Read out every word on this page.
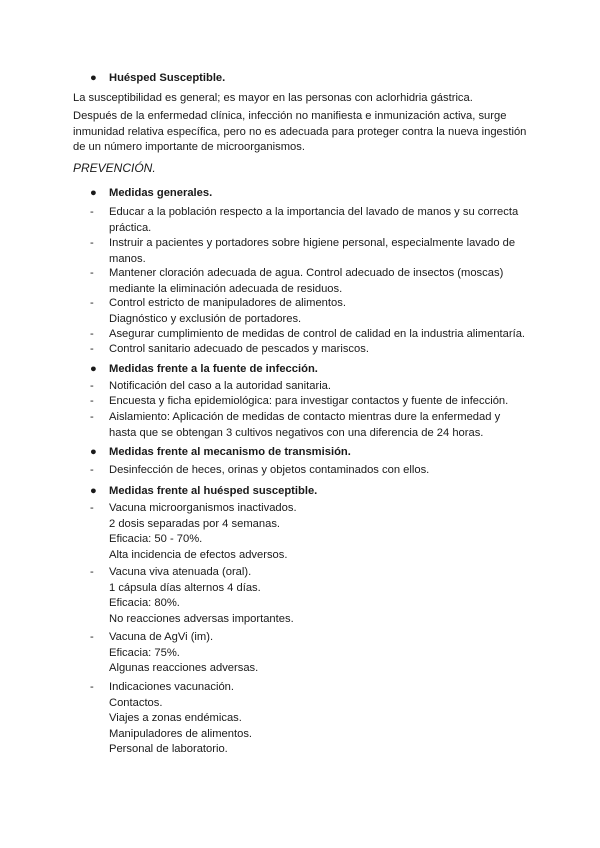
● Huésped Susceptible.
La susceptibilidad es general; es mayor en las personas con aclorhidria gástrica.
Después de la enfermedad clínica, infección no manifiesta e inmunización activa, surge inmunidad relativa específica, pero no es adecuada para proteger contra la nueva ingestión de un número importante de microorganismos.
PREVENCIÓN.
● Medidas generales.
- Educar a la población respecto a la importancia del lavado de manos y su correcta
práctica.
- Instruir a pacientes y portadores sobre higiene personal, especialmente lavado de
manos.
- Mantener cloración adecuada de agua. Control adecuado de insectos (moscas)
mediante la eliminación adecuada de residuos.
- Control estricto de manipuladores de alimentos.
Diagnóstico y exclusión de portadores.
- Asegurar cumplimiento de medidas de control de calidad en la industria alimentaría.
- Control sanitario adecuado de pescados y mariscos.
● Medidas frente a la fuente de infección.
- Notificación del caso a la autoridad sanitaria.
- Encuesta y ficha epidemiológica: para investigar contactos y fuente de infección.
- Aislamiento: Aplicación de medidas de contacto mientras dure la enfermedad y
hasta que se obtengan 3 cultivos negativos con una diferencia de 24 horas.
● Medidas frente al mecanismo de transmisión.
- Desinfección de heces, orinas y objetos contaminados con ellos.
● Medidas frente al huésped susceptible.
- Vacuna microorganismos inactivados.
2 dosis separadas por 4 semanas.
Eficacia: 50 - 70%.
Alta incidencia de efectos adversos.
- Vacuna viva atenuada (oral).
1 cápsula días alternos 4 días.
Eficacia: 80%.
No reacciones adversas importantes.
- Vacuna de AgVi (im).
Eficacia: 75%.
Algunas reacciones adversas.
- Indicaciones vacunación.
Contactos.
Viajes a zonas endémicas.
Manipuladores de alimentos.
Personal de laboratorio.
